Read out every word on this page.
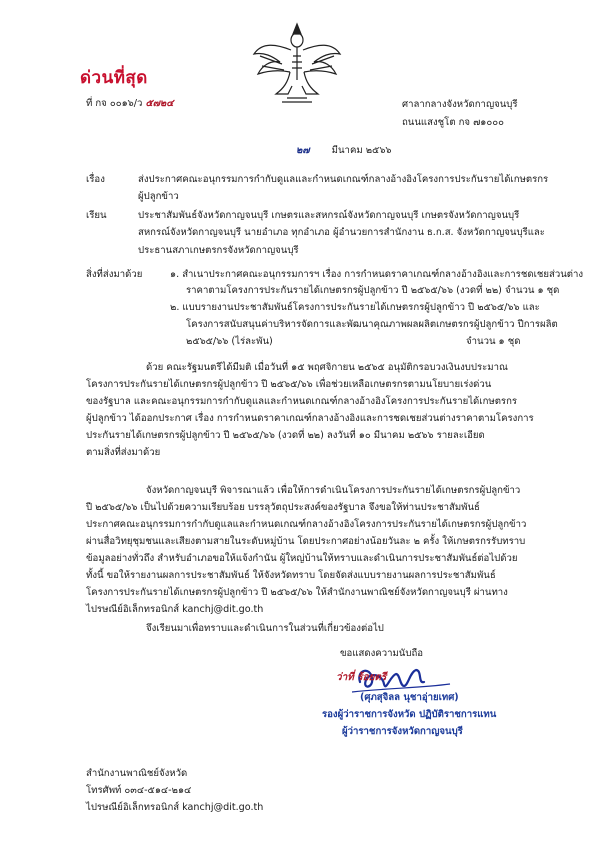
ด่วนที่สุด
ที่ กจ ๐๐๑๖/ว ๕๗๒๔	ศาลากลางจังหวัดกาญจนบุรี
ถนนแสงชูโต กจ ๗๑๐๐๐
๒๗ มีนาคม ๒๕๖๖
เรื่อง	ส่งประกาศคณะอนุกรรมการกำกับดูแลและกำหนดเกณฑ์กลางอ้างอิงโครงการประกันรายได้เกษตรกร
ผู้ปลูกข้าว
เรียน	ประชาสัมพันธ์จังหวัดกาญจนบุรี เกษตรและสหกรณ์จังหวัดกาญจนบุรี เกษตรจังหวัดกาญจนบุรี
สหกรณ์จังหวัดกาญจนบุรี นายอำเภอ ทุกอำเภอ ผู้อำนวยการสำนักงาน ธ.ก.ส. จังหวัดกาญจนบุรีและ
ประธานสภาเกษตรกรจังหวัดกาญจนบุรี
สิ่งที่ส่งมาด้วย	๑. สำเนาประกาศคณะอนุกรรมการฯ เรื่อง การกำหนดราคาเกณฑ์กลางอ้างอิงและการชดเชยส่วนต่าง
ราคาตามโครงการประกันรายได้เกษตรกรผู้ปลูกข้าว ปี ๒๕๖๕/๖๖ (งวดที่ ๒๒) จำนวน ๑ ชุด
๒. แบบรายงานประชาสัมพันธ์โครงการประกันรายได้เกษตรกรผู้ปลูกข้าว ปี ๒๕๖๕/๖๖ และ
โครงการสนับสนุนค่าบริหารจัดการและพัฒนาคุณภาพผลผลิตเกษตรกรผู้ปลูกข้าว ปีการผลิต
๒๕๖๕/๖๖ (ไร่ละพัน)	จำนวน ๑ ชุด
ด้วย คณะรัฐมนตรีได้มีมติ เมื่อวันที่ ๑๕ พฤศจิกายน ๒๕๖๕ อนุมัติกรอบวงเงินงบประมาณ
โครงการประกันรายได้เกษตรกรผู้ปลูกข้าว ปี ๒๕๖๕/๖๖ เพื่อช่วยเหลือเกษตรกรตามนโยบายเร่งด่วน
ของรัฐบาล และคณะอนุกรรมการกำกับดูแลและกำหนดเกณฑ์กลางอ้างอิงโครงการประกันรายได้เกษตรกร
ผู้ปลูกข้าว ได้ออกประกาศ เรื่อง การกำหนดราคาเกณฑ์กลางอ้างอิงและการชดเชยส่วนต่างราคาตามโครงการ
ประกันรายได้เกษตรกรผู้ปลูกข้าว ปี ๒๕๖๕/๖๖ (งวดที่ ๒๒) ลงวันที่ ๑๐ มีนาคม ๒๕๖๖ รายละเอียด
ตามสิ่งที่ส่งมาด้วย
จังหวัดกาญจนบุรี พิจารณาแล้ว เพื่อให้การดำเนินโครงการประกันรายได้เกษตรกรผู้ปลูกข้าว
ปี ๒๕๖๕/๖๖ เป็นไปด้วยความเรียบร้อย บรรลุวัตถุประสงค์ของรัฐบาล จึงขอให้ท่านประชาสัมพันธ์
ประกาศคณะอนุกรรมการกำกับดูแลและกำหนดเกณฑ์กลางอ้างอิงโครงการประกันรายได้เกษตรกรผู้ปลูกข้าว
ผ่านสื่อวิทยุชุมชนและเสียงตามสายในระดับหมู่บ้าน โดยประกาศอย่างน้อยวันละ ๒ ครั้ง ให้เกษตรกรรับทราบ
ข้อมูลอย่างทั่วถึง สำหรับอำเภอขอให้แจ้งกำนัน ผู้ใหญ่บ้านให้ทราบและดำเนินการประชาสัมพันธ์ต่อไปด้วย
ทั้งนี้ ขอให้รายงานผลการประชาสัมพันธ์ ให้จังหวัดทราบ โดยจัดส่งแบบรายงานผลการประชาสัมพันธ์
โครงการประกันรายได้เกษตรกรผู้ปลูกข้าว ปี ๒๕๖๕/๖๖ ให้สำนักงานพาณิชย์จังหวัดกาญจนบุรี ผ่านทาง
ไปรษณีย์อิเล็กทรอนิกส์ kanchj@dit.go.th
จึงเรียนมาเพื่อทราบและดำเนินการในส่วนที่เกี่ยวข้องต่อไป
ขอแสดงความนับถือ
ว่าที่ ร้อยตรี
(ศุภสุจิลล นุชาอุ่ายเทศ)
รองผู้ว่าราชการจังหวัด ปฏิบัติราชการแทน
ผู้ว่าราชการจังหวัดกาญจนบุรี
สำนักงานพาณิชย์จังหวัด
โทรศัพท์ ๐๓๔-๕๑๔-๒๑๔
ไปรษณีย์อิเล็กทรอนิกส์ kanchj@dit.go.th
